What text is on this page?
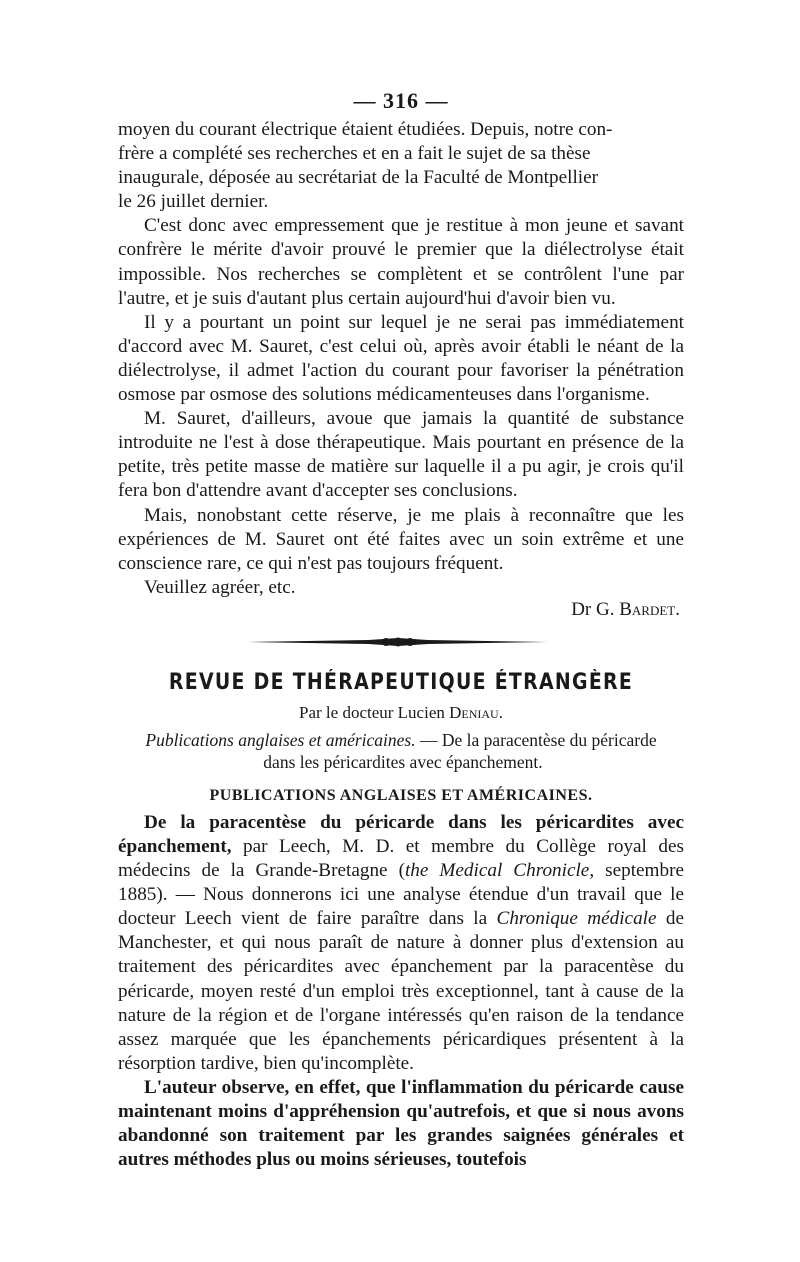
— 316 —

moyen du courant électrique étaient étudiées. Depuis, notre con-
frère a complété ses recherches et en a fait le sujet de sa thèse
inaugurale, déposée au secrétariat de la Faculté de Montpellier
le 26 juillet dernier.

C'est donc avec empressement que je restitue à mon jeune et savant confrère le mérite d'avoir prouvé le premier que la diélectrolyse était impossible. Nos recherches se complètent et se contrôlent l'une par l'autre, et je suis d'autant plus certain aujourd'hui d'avoir bien vu.

Il y a pourtant un point sur lequel je ne serai pas immédiatement d'accord avec M. Sauret, c'est celui où, après avoir établi le néant de la diélectrolyse, il admet l'action du courant pour favoriser la pénétration osmose par osmose des solutions médicamenteuses dans l'organisme.

M. Sauret, d'ailleurs, avoue que jamais la quantité de substance introduite ne l'est à dose thérapeutique. Mais pourtant en présence de la petite, très petite masse de matière sur laquelle il a pu agir, je crois qu'il fera bon d'attendre avant d'accepter ses conclusions.

Mais, nonobstant cette réserve, je me plais à reconnaître que les expériences de M. Sauret ont été faites avec un soin extrême et une conscience rare, ce qui n'est pas toujours fréquent.

Veuillez agréer, etc.

Dr G. Bardet.
REVUE DE THÉRAPEUTIQUE ÉTRANGÈRE
Par le docteur Lucien Deniau.
Publications anglaises et américaines. — De la paracentèse du péricarde
dans les péricardites avec épanchement.
PUBLICATIONS ANGLAISES ET AMÉRICAINES.

De la paracentèse du péricarde dans les péricardites avec épanchement, par Leech, M. D. et membre du Collège royal des médecins de la Grande-Bretagne (the Medical Chronicle, septembre 1885). — Nous donnerons ici une analyse étendue d'un travail que le docteur Leech vient de faire paraître dans la Chronique médicale de Manchester, et qui nous paraît de nature à donner plus d'extension au traitement des péricardites avec épanchement par la paracentèse du péricarde, moyen resté d'un emploi très exceptionnel, tant à cause de la nature de la région et de l'organe intéressés qu'en raison de la tendance assez marquée que les épanchements péricardiques présentent à la résorption tardive, bien qu'incomplète.

L'auteur observe, en effet, que l'inflammation du péricarde cause maintenant moins d'appréhension qu'autrefois, et que si nous avons abandonné son traitement par les grandes saignées générales et autres méthodes plus ou moins sérieuses, toutefois
